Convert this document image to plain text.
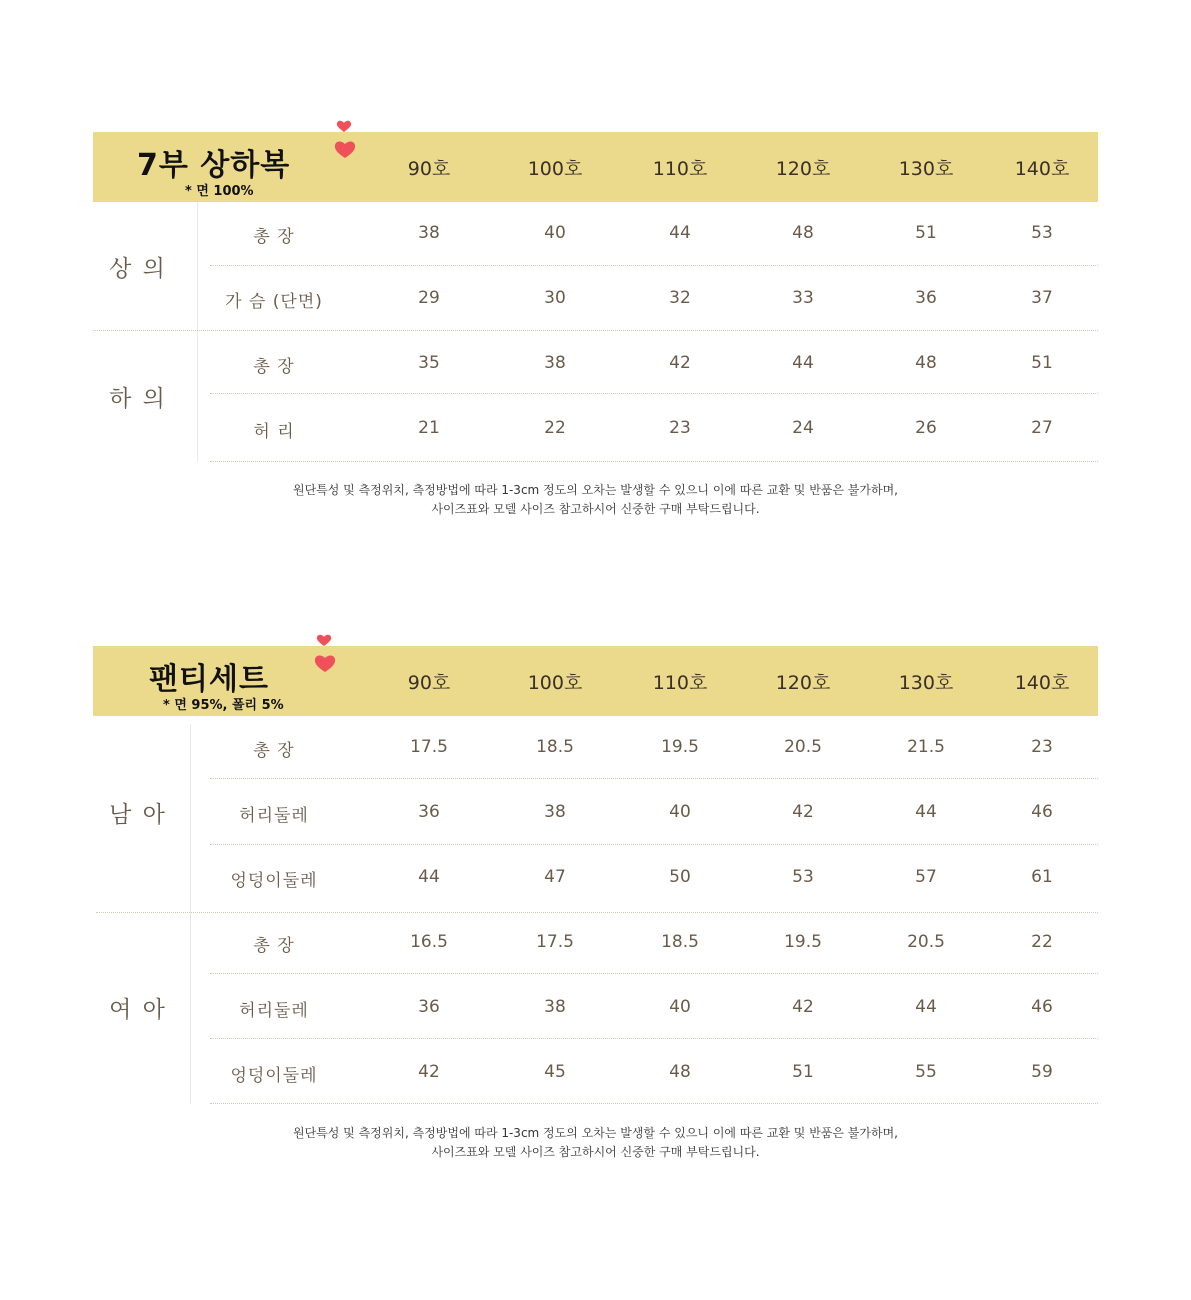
7부 상하복
* 면 100%
90호	100호	110호	120호	130호	140호
상 의
총 장	38	40	44	48	51	53
가 슴 (단면)	29	30	32	33	36	37
하 의
총 장	35	38	42	44	48	51
허 리	21	22	23	24	26	27
원단특성 및 측정위치, 측정방법에 따라 1-3cm 정도의 오차는 발생할 수 있으니 이에 따른 교환 및 반품은 불가하며,
사이즈표와 모델 사이즈 참고하시어 신중한 구매 부탁드립니다.
팬티세트
* 면 95%, 폴리 5%
90호	100호	110호	120호	130호	140호
남 아
총 장	17.5	18.5	19.5	20.5	21.5	23
허리둘레	36	38	40	42	44	46
엉덩이둘레	44	47	50	53	57	61
여 아
총 장	16.5	17.5	18.5	19.5	20.5	22
허리둘레	36	38	40	42	44	46
엉덩이둘레	42	45	48	51	55	59
원단특성 및 측정위치, 측정방법에 따라 1-3cm 정도의 오차는 발생할 수 있으니 이에 따른 교환 및 반품은 불가하며,
사이즈표와 모델 사이즈 참고하시어 신중한 구매 부탁드립니다.
